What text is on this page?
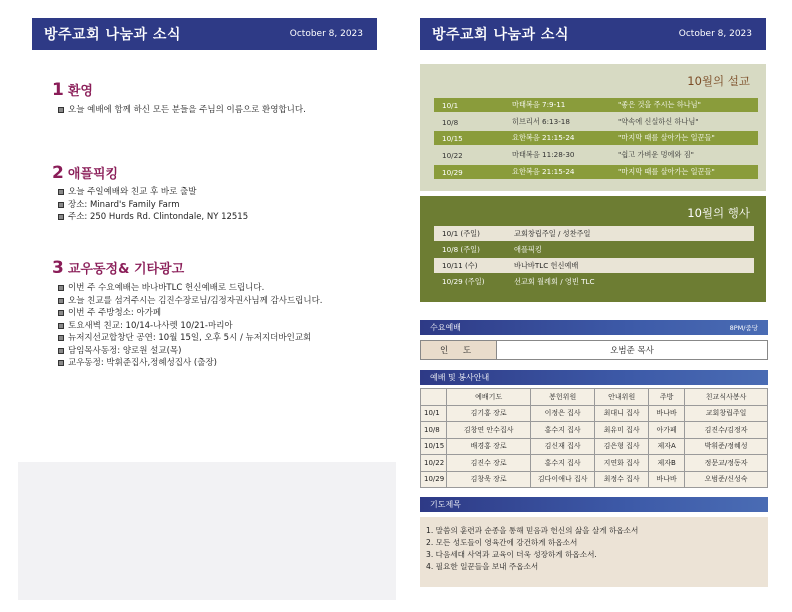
방주교회 나눔과 소식	October 8, 2023
1 환영
오늘 예배에 함께 하신 모든 분들을 주님의 이름으로 환영합니다.
2 애플픽킹
오늘 주일예배와 친교 후 바로 출발
장소: Minard's Family Farm
주소: 250 Hurds Rd. Clintondale, NY 12515
3 교우동정& 기타광고
이번 주 수요예배는 바나바TLC 헌신예배로 드립니다.
오늘 친교를 섬겨주시는 김진수장로님/김정자권사님께 감사드립니다.
이번 주 주방청소: 아가페
토요새벽 친교: 10/14-나사렛 10/21-마리아
뉴저지선교합창단 공연: 10월 15일, 오후 5시 / 뉴저지더바인교회
담임목사동정: 양로원 설교(목)
교우동정: 박휘준집사,정혜성집사 (출장)
방주교회 나눔과 소식	October 8, 2023
10월의 설교
10/1	마태복음 7:9-11	"좋은 것을 주시는 하나님"
10/8	히브리서 6:13-18	"약속에 신실하신 하나님"
10/15	요한복음 21:15-24	"마지막 때를 살아가는 일꾼들"
10/22	마태복음 11:28-30	"쉽고 가벼운 멍에와 짐"
10/29	요한복음 21:15-24	"마지막 때를 살아가는 일꾼들"
10월의 행사
10/1 (주일)	교회창립주일 / 성찬주일
10/8 (주일)	애플픽킹
10/11 (수)	바나바TLC 헌신예배
10/29 (주일)	선교회 월례회 / 영빈 TLC
수요예배	8PM/줌당
인 도	오범준 목사
예배 및 봉사안내
	예배기도	봉헌위원	안내위원	주방	친교식사봉사
10/1	김기홍 장로	이정은 집사	최대니 집사	바나바	교회창립주일
10/8	김창연 안수집사	홍수지 집사	최유미 집사	아가페	김진수/김정자
10/15	배경홍 장로	김신재 집사	김은형 집사	제자A	박휘준/정혜성
10/22	김진수 장로	홍수지 집사	지연화 집사	제자B	정문교/정동자
10/29	김창욱 장로	김다이애나 집사	최정수 집사	바나바	오범준/신성숙
기도제목
1. 말씀의 훈련과 순종을 통해 믿음과 헌신의 삶을 살게 하옵소서
2. 모든 성도들이 영육간에 강건하게 하옵소서
3. 다음세대 사역과 교육이 더욱 성장하게 하옵소서.
4. 필요한 일꾼들을 보내 주옵소서
